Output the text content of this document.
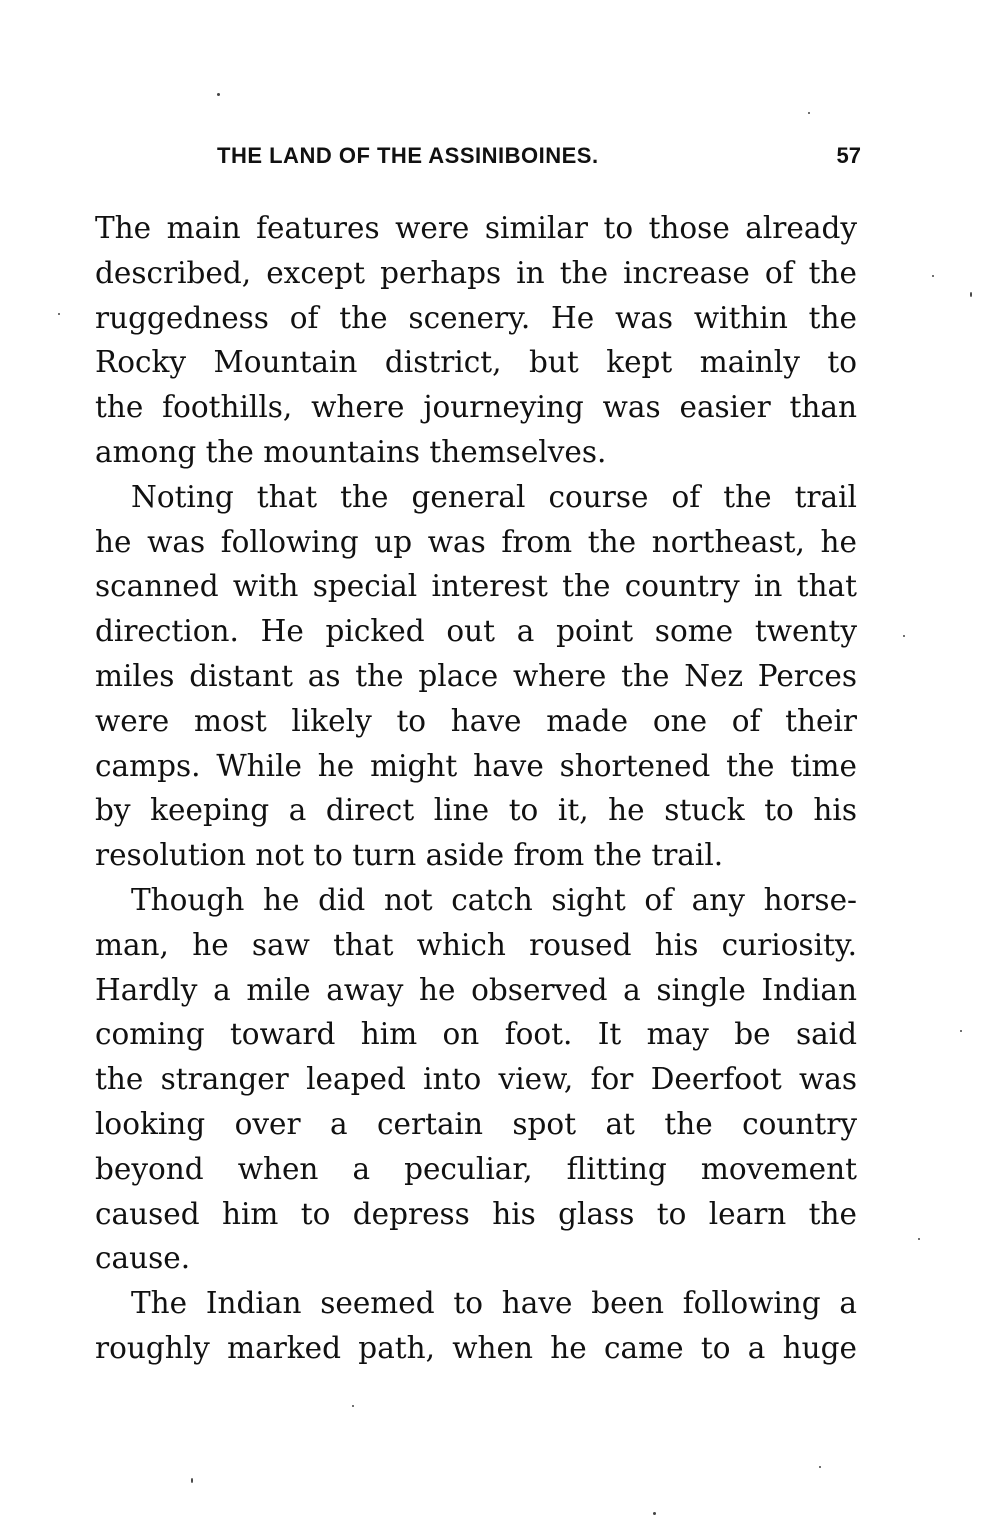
THE LAND OF THE ASSINIBOINES.	57
The main features were similar to those already
described, except perhaps in the increase of the
ruggedness of the scenery. He was within the
Rocky Mountain district, but kept mainly to
the foothills, where journeying was easier than
among the mountains themselves.
Noting that the general course of the trail
he was following up was from the northeast, he
scanned with special interest the country in that
direction. He picked out a point some twenty
miles distant as the place where the Nez Perces
were most likely to have made one of their
camps. While he might have shortened the time
by keeping a direct line to it, he stuck to his
resolution not to turn aside from the trail.
Though he did not catch sight of any horse-
man, he saw that which roused his curiosity.
Hardly a mile away he observed a single Indian
coming toward him on foot. It may be said
the stranger leaped into view, for Deerfoot was
looking over a certain spot at the country
beyond when a peculiar, flitting movement
caused him to depress his glass to learn the
cause.
The Indian seemed to have been following a
roughly marked path, when he came to a huge
